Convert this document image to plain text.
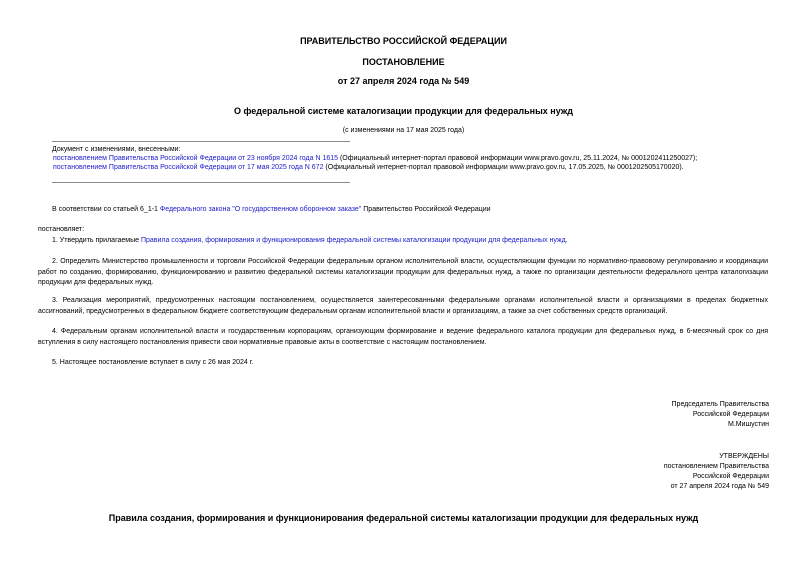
ПРАВИТЕЛЬСТВО РОССИЙСКОЙ ФЕДЕРАЦИИ
ПОСТАНОВЛЕНИЕ
от 27 апреля 2024 года № 549
О федеральной системе каталогизации продукции для федеральных нужд
(с изменениями на 17 мая 2025 года)
Документ с изменениями, внесенными:
постановлением Правительства Российской Федерации от 23 ноября 2024 года N 1615 (Официальный интернет-портал правовой информации www.pravo.gov.ru, 25.11.2024, № 0001202411250027);
постановлением Правительства Российской Федерации от 17 мая 2025 года N 672 (Официальный интернет-портал правовой информации www.pravo.gov.ru, 17.05.2025, № 0001202505170020).
В соответствии со статьей 6_1-1 Федерального закона "О государственном оборонном заказе" Правительство Российской Федерации
постановляет:
1. Утвердить прилагаемые Правила создания, формирования и функционирования федеральной системы каталогизации продукции для федеральных нужд.
2. Определить Министерство промышленности и торговли Российской Федерации федеральным органом исполнительной власти, осуществляющим функции по нормативно-правовому регулированию и координации работ по созданию, формированию, функционированию и развитию федеральной системы каталогизации продукции для федеральных нужд, а также по организации деятельности федерального центра каталогизации продукции для федеральных нужд.
3. Реализация мероприятий, предусмотренных настоящим постановлением, осуществляется заинтересованными федеральными органами исполнительной власти и организациями в пределах бюджетных ассигнований, предусмотренных в федеральном бюджете соответствующим федеральным органам исполнительной власти и организациям, а также за счет собственных средств организаций.
4. Федеральным органам исполнительной власти и государственным корпорациям, организующим формирование и ведение федерального каталога продукции для федеральных нужд, в 6-месячный срок со дня вступления в силу настоящего постановления привести свои нормативные правовые акты в соответствие с настоящим постановлением.
5. Настоящее постановление вступает в силу с 26 мая 2024 г.
Председатель Правительства
Российской Федерации
М.Мишустин
УТВЕРЖДЕНЫ
постановлением Правительства
Российской Федерации
от 27 апреля 2024 года № 549
Правила создания, формирования и функционирования федеральной системы каталогизации продукции для федеральных нужд
